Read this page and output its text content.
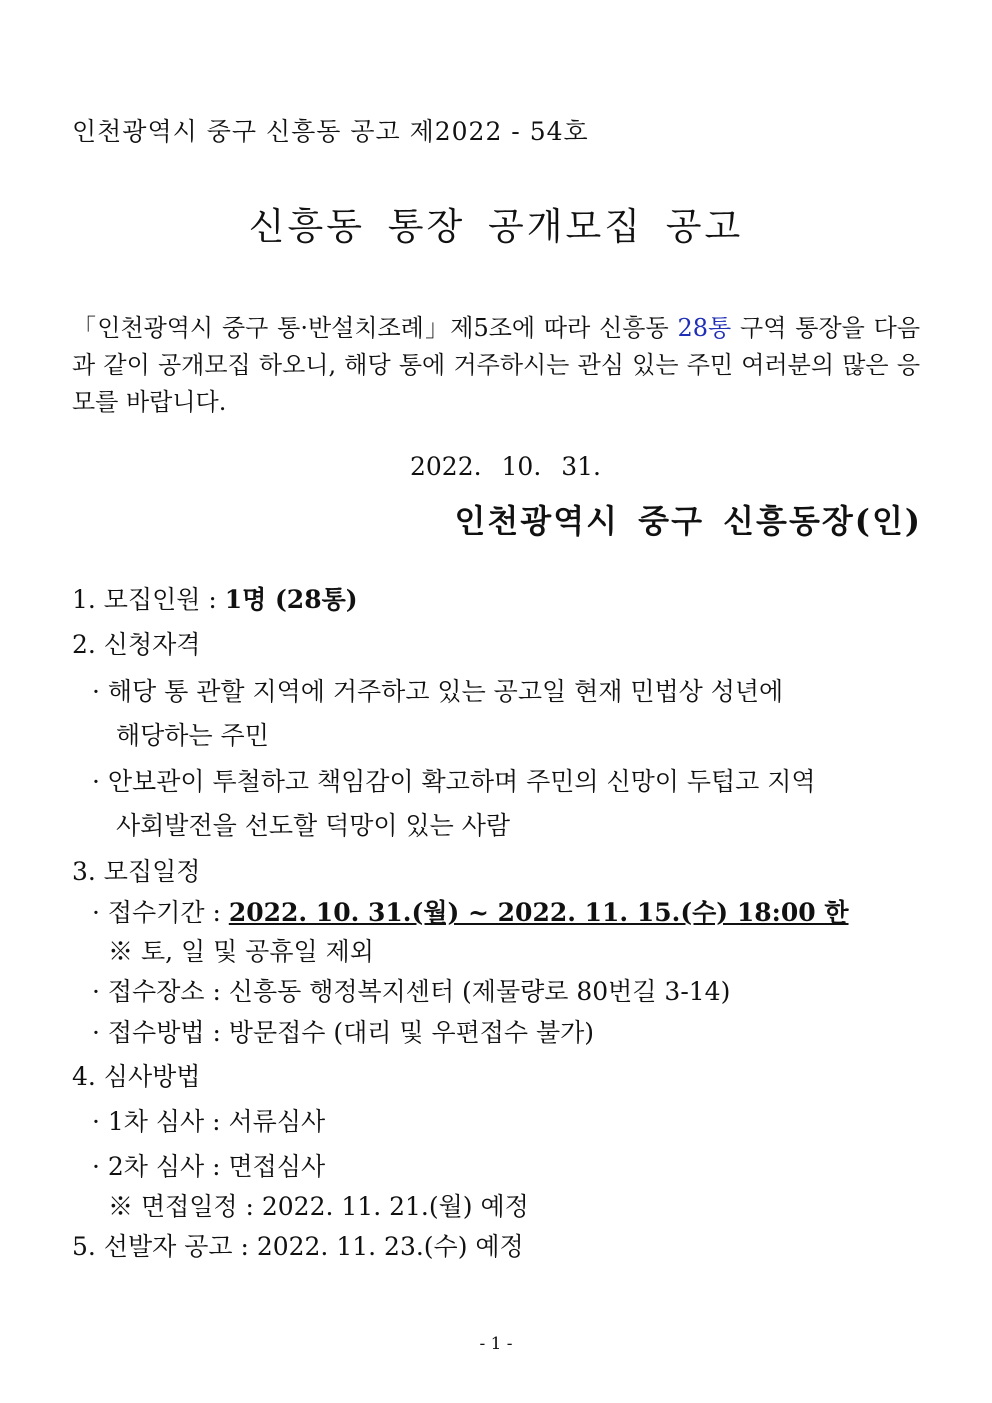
인천광역시 중구 신흥동 공고 제2022 - 54호
신흥동 통장 공개모집 공고
「인천광역시 중구 통·반설치조례」제5조에 따라 신흥동 28통 구역 통장을 다음과 같이 공개모집 하오니, 해당 통에 거주하시는 관심 있는 주민 여러분의 많은 응모를 바랍니다.
2022. 10. 31.
인천광역시 중구 신흥동장(인)
1. 모집인원 : 1명 (28통)
2. 신청자격
· 해당 통 관할 지역에 거주하고 있는 공고일 현재 민법상 성년에
해당하는 주민
· 안보관이 투철하고 책임감이 확고하며 주민의 신망이 두텁고 지역
사회발전을 선도할 덕망이 있는 사람
3. 모집일정
· 접수기간 : 2022. 10. 31.(월) ~ 2022. 11. 15.(수) 18:00 한
※ 토, 일 및 공휴일 제외
· 접수장소 : 신흥동 행정복지센터 (제물량로 80번길 3-14)
· 접수방법 : 방문접수 (대리 및 우편접수 불가)
4. 심사방법
· 1차 심사 : 서류심사
· 2차 심사 : 면접심사
※ 면접일정 : 2022. 11. 21.(월) 예정
5. 선발자 공고 : 2022. 11. 23.(수) 예정
- 1 -
